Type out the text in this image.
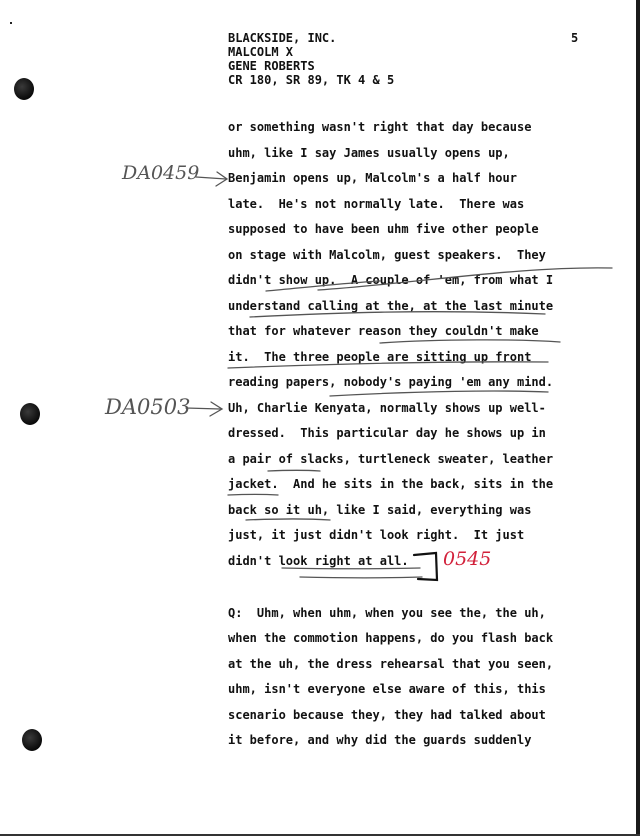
BLACKSIDE, INC.
MALCOLM X
GENE ROBERTS
CR 180, SR 89, TK 4 & 5
5
or something wasn't right that day because
uhm, like I say James usually opens up,
Benjamin opens up, Malcolm's a half hour
late.  He's not normally late.  There was
supposed to have been uhm five other people
on stage with Malcolm, guest speakers.  They
didn't show up.  A couple of 'em, from what I
understand calling at the, at the last minute
that for whatever reason they couldn't make
it.  The three people are sitting up front
reading papers, nobody's paying 'em any mind.
Uh, Charlie Kenyata, normally shows up well-
dressed.  This particular day he shows up in
a pair of slacks, turtleneck sweater, leather
jacket.  And he sits in the back, sits in the
back so it uh, like I said, everything was
just, it just didn't look right.  It just
didn't look right at all.
Q:  Uhm, when uhm, when you see the, the uh,
when the commotion happens, do you flash back
at the uh, the dress rehearsal that you seen,
uhm, isn't everyone else aware of this, this
scenario because they, they had talked about
it before, and why did the guards suddenly
DA0459
DA0503
0545
